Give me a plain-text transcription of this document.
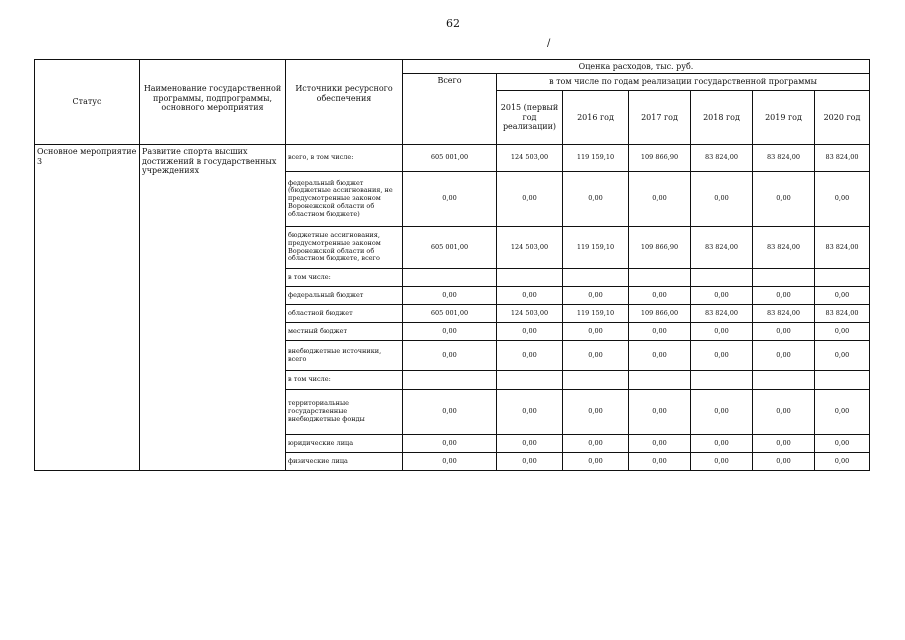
62
/
Статус	Наименование государственной программы, подпрограммы, основного мероприятия	Источники ресурсного обеспечения	Оценка расходов, тыс. руб.						
			Всего	в том числе по годам реализации государственной программы					
				2015 (первый год реализации)	2016 год	2017 год	2018 год	2019 год	2020 год
Основное мероприятие 3	Развитие спорта высших достижений в государственных учреждениях	всего, в том числе:	605 001,00	124 503,00	119 159,10	109 866,90	83 824,00	83 824,00	83 824,00
		федеральный бюджет (бюджетные ассигнования, не предусмотренные законом Воронежской области об областном бюджете)	0,00	0,00	0,00	0,00	0,00	0,00	0,00
		бюджетные ассигнования, предусмотренные законом Воронежской области об областном бюджете, всего	605 001,00	124 503,00	119 159,10	109 866,90	83 824,00	83 824,00	83 824,00
		в том числе:							
		федеральный бюджет	0,00	0,00	0,00	0,00	0,00	0,00	0,00
		областной бюджет	605 001,00	124 503,00	119 159,10	109 866,00	83 824,00	83 824,00	83 824,00
		местный бюджет	0,00	0,00	0,00	0,00	0,00	0,00	0,00
		внебюджетные источники, всего	0,00	0,00	0,00	0,00	0,00	0,00	0,00
		в том числе:							
		территориальные государственные внебюджетные фонды	0,00	0,00	0,00	0,00	0,00	0,00	0,00
		юридические лица	0,00	0,00	0,00	0,00	0,00	0,00	0,00
		физические лица	0,00	0,00	0,00	0,00	0,00	0,00	0,00
